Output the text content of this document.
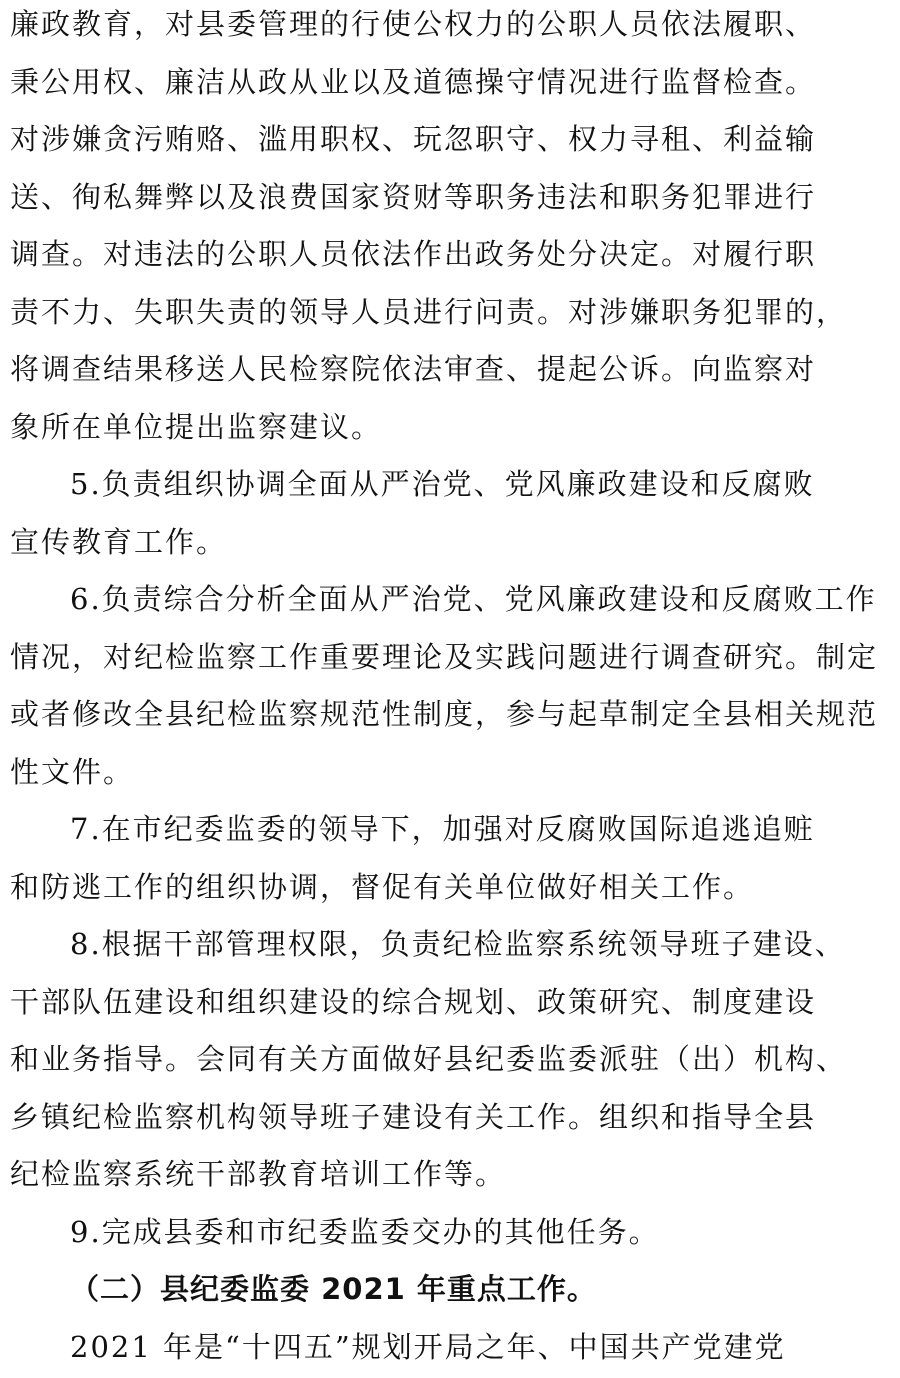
廉政教育，对县委管理的行使公权力的公职人员依法履职、
秉公用权、廉洁从政从业以及道德操守情况进行监督检查。
对涉嫌贪污贿赂、滥用职权、玩忽职守、权力寻租、利益输
送、徇私舞弊以及浪费国家资财等职务违法和职务犯罪进行
调查。对违法的公职人员依法作出政务处分决定。对履行职
责不力、失职失责的领导人员进行问责。对涉嫌职务犯罪的，
将调查结果移送人民检察院依法审查、提起公诉。向监察对
象所在单位提出监察建议。
5.负责组织协调全面从严治党、党风廉政建设和反腐败
宣传教育工作。
6.负责综合分析全面从严治党、党风廉政建设和反腐败工作
情况，对纪检监察工作重要理论及实践问题进行调查研究。制定
或者修改全县纪检监察规范性制度，参与起草制定全县相关规范
性文件。
7.在市纪委监委的领导下，加强对反腐败国际追逃追赃
和防逃工作的组织协调，督促有关单位做好相关工作。
8.根据干部管理权限，负责纪检监察系统领导班子建设、
干部队伍建设和组织建设的综合规划、政策研究、制度建设
和业务指导。会同有关方面做好县纪委监委派驻（出）机构、
乡镇纪检监察机构领导班子建设有关工作。组织和指导全县
纪检监察系统干部教育培训工作等。
9.完成县委和市纪委监委交办的其他任务。
（二）县纪委监委 2021 年重点工作。
2021 年是“十四五”规划开局之年、中国共产党建党
